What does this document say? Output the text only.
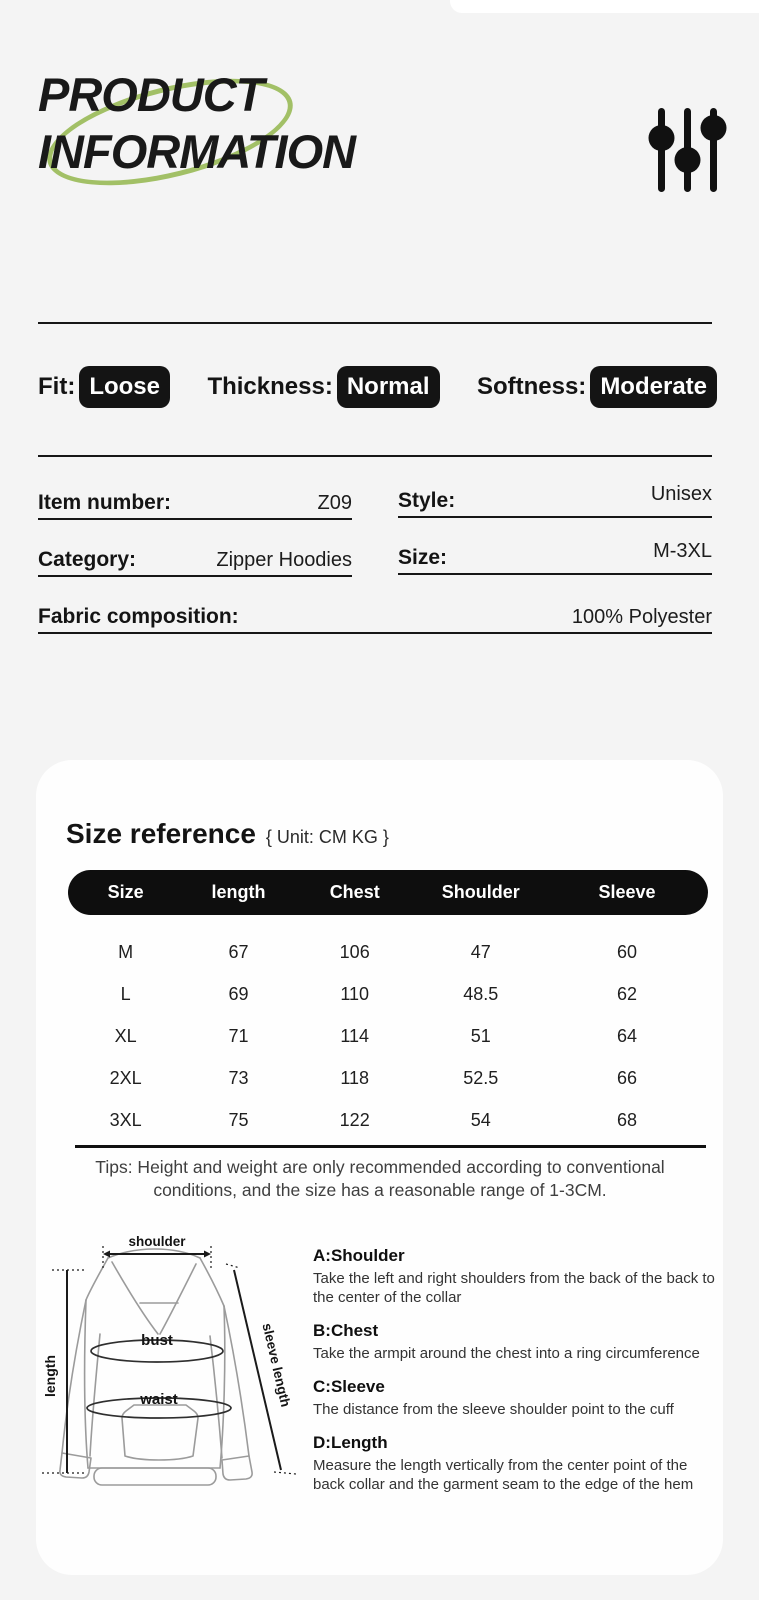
PRODUCT
INFORMATION
Fit: Loose	Thickness: Normal	Softness: Moderate
Item number:	Z09 Style:	Unisex
Category:	Zipper Hoodies Size:	M-3XL
Fabric composition:	100% Polyester
Size reference { Unit: CM KG }
Size	length	Chest	Shoulder	Sleeve
M	67	106	47	60
L	69	110	48.5	62
XL	71	114	51	64
2XL	73	118	52.5	66
3XL	75	122	54	68
Tips: Height and weight are only recommended according to conventional conditions, and the size has a reasonable range of 1-3CM.
shoulder
bust
waist
length	sleeve length
A:Shoulder
Take the left and right shoulders from the back of the back to the center of the collar
B:Chest
Take the armpit around the chest into a ring circumference
C:Sleeve
The distance from the sleeve shoulder point to the cuff
D:Length
Measure the length vertically from the center point of the back collar and the garment seam to the edge of the hem
